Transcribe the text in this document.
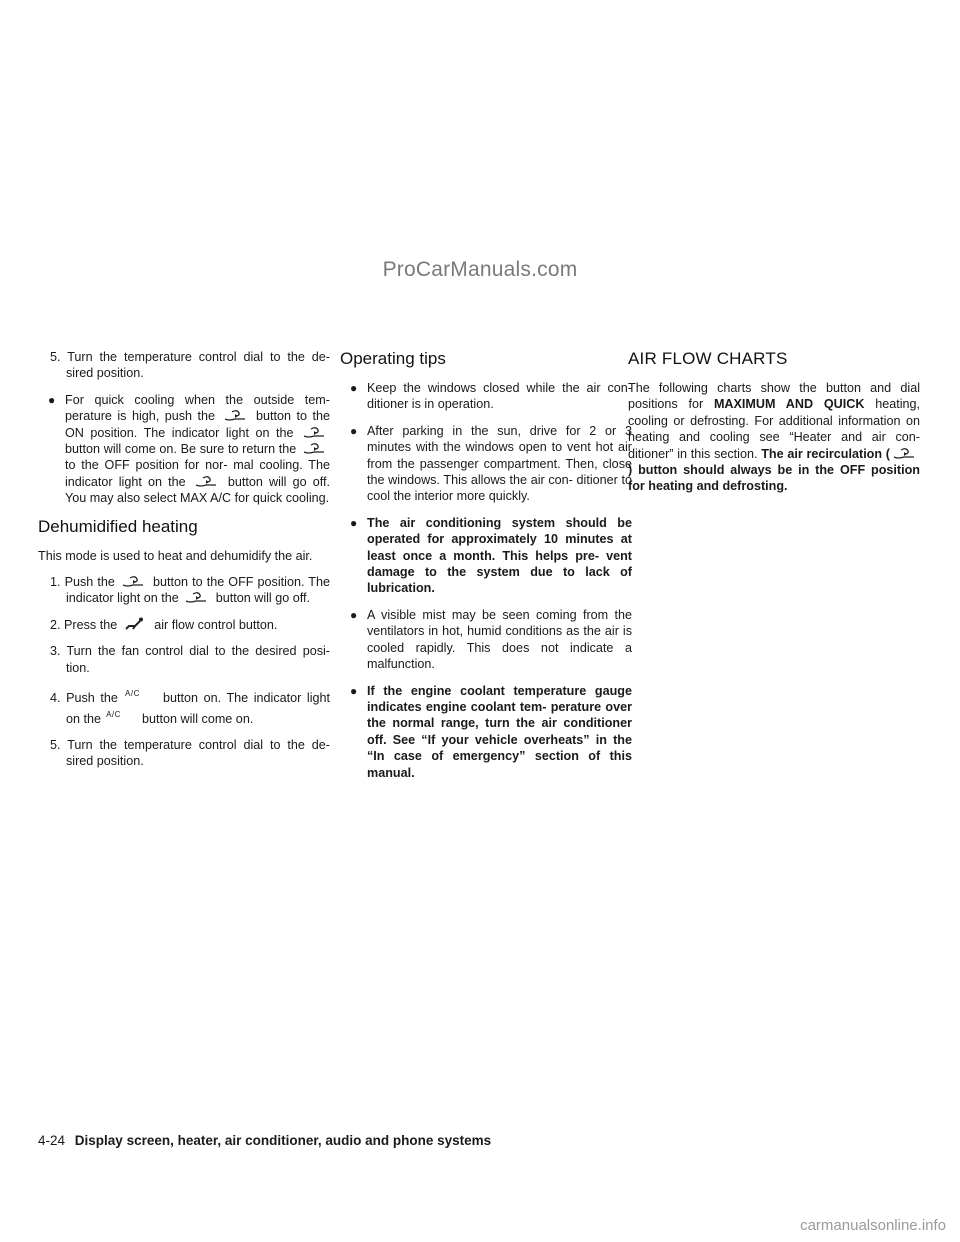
ProCarManuals.com
5. Turn the temperature control dial to the de- sired position.
● For quick cooling when the outside tem- perature is high, push the	button to the ON position. The indicator light on the
button will come on. Be sure to return the
to the OFF position for nor- mal cooling. The indicator light on the	button will go off. You may also select MAX A/C for quick cooling.
Dehumidified heating
This mode is used to heat and dehumidify the air.
1. Push the	button to the OFF position. The indicator light on the	button will go off.
2. Press the	air flow control button.
3. Turn the fan control dial to the desired posi- tion.
4. Push the A/C button on. The indicator light on the A/C button will come on.
5. Turn the temperature control dial to the de- sired position.
Operating tips
● Keep the windows closed while the air con- ditioner is in operation.
● After parking in the sun, drive for 2 or 3 minutes with the windows open to vent hot air from the passenger compartment. Then, close the windows. This allows the air con- ditioner to cool the interior more quickly.
● The air conditioning system should be operated for approximately 10 minutes at least once a month. This helps pre- vent damage to the system due to lack of lubrication.
● A visible mist may be seen coming from the ventilators in hot, humid conditions as the air is cooled rapidly. This does not indicate a malfunction.
● If the engine coolant temperature gauge indicates engine coolant tem- perature over the normal range, turn the air conditioner off. See “If your vehicle overheats” in the “In case of emergency” section of this manual.
AIR FLOW CHARTS
The following charts show the button and dial positions for MAXIMUM AND QUICK heating, cooling or defrosting. For additional information on heating and cooling see “Heater and air con- ditioner” in this section. The air recirculation (
) button should always be in the OFF position for heating and defrosting.
4-24 Display screen, heater, air conditioner, audio and phone systems
carmanualsonline.info
